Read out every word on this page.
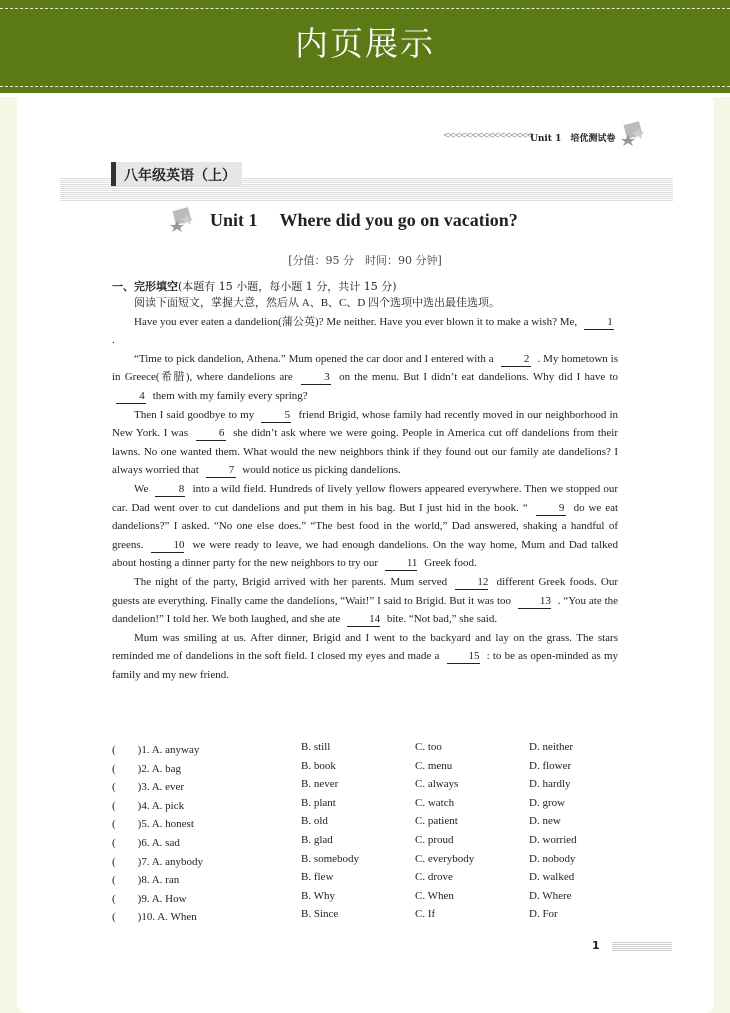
内页展示
<<<<<<<<<<<<<<<<
Unit 1　培优测试卷
八年级英语（上）
Unit 1 Where did you go on vacation?
[分值：95 分　时间：90 分钟]
一、完形填空(本题有 15 小题，每小题 1 分，共计 15 分)

阅读下面短文，掌握大意，然后从 A、B、C、D 四个选项中选出最佳选项。

Have you ever eaten a dandelion(蒲公英)? Me neither. Have you ever blown it to make a wish? Me,	1 .

“Time to pick dandelion, Athena.” Mum opened the car door and I entered with a	2 . My hometown is in Greece(希腊), where dandelions are	3 on the menu. But I didn’t eat dandelions. Why did I have to 4 them with my family every spring?

Then I said goodbye to my	5 friend Brigid, whose family had recently moved in our neighborhood in New York. I was	6 she didn’t ask where we were going. People in America cut off dandelions from their lawns. No one wanted them. What would the new neighbors think if they found out our family ate dandelions? I always worried that	7 would notice us picking dandelions.

We	8 into a wild field. Hundreds of lively yellow flowers appeared everywhere. Then we stopped our car. Dad went over to cut dandelions and put them in his bag. But I just hid in the book. “	9 do we eat dandelions?” I asked. “No one else does.” “The best food in the world,” Dad answered, shaking a handful of greens.	10 we were ready to leave, we had enough dandelions. On the way home, Mum and Dad talked about hosting a dinner party for the new neighbors to try our	11 Greek food.

The night of the party, Brigid arrived with her parents. Mum served	12 different Greek foods. Our guests ate everything. Finally came the dandelions, “Wait!” I said to Brigid. But it was too	13 . “You ate the dandelion!” I told her. We both laughed, and she ate	14 bite. “Not bad,” she said.

Mum was smiling at us. After dinner, Brigid and I went to the backyard and lay on the grass. The stars reminded me of dandelions in the soft field. I closed my eyes and made a	15 : to be as open-minded as my family and my new friend.

(　　)1. A. anyway	B. still	C. too	D. neither
(　　)2. A. bag	B. book	C. menu	D. flower
(　　)3. A. ever	B. never	C. always	D. hardly
(　　)4. A. pick	B. plant	C. watch	D. grow
(　　)5. A. honest	B. old	C. patient	D. new
(　　)6. A. sad	B. glad	C. proud	D. worried
(　　)7. A. anybody	B. somebody	C. everybody	D. nobody
(　　)8. A. ran	B. flew	C. drove	D. walked
(　　)9. A. How	B. Why	C. When	D. Where
(　　)10. A. When	B. Since	C. If	D. For
1
